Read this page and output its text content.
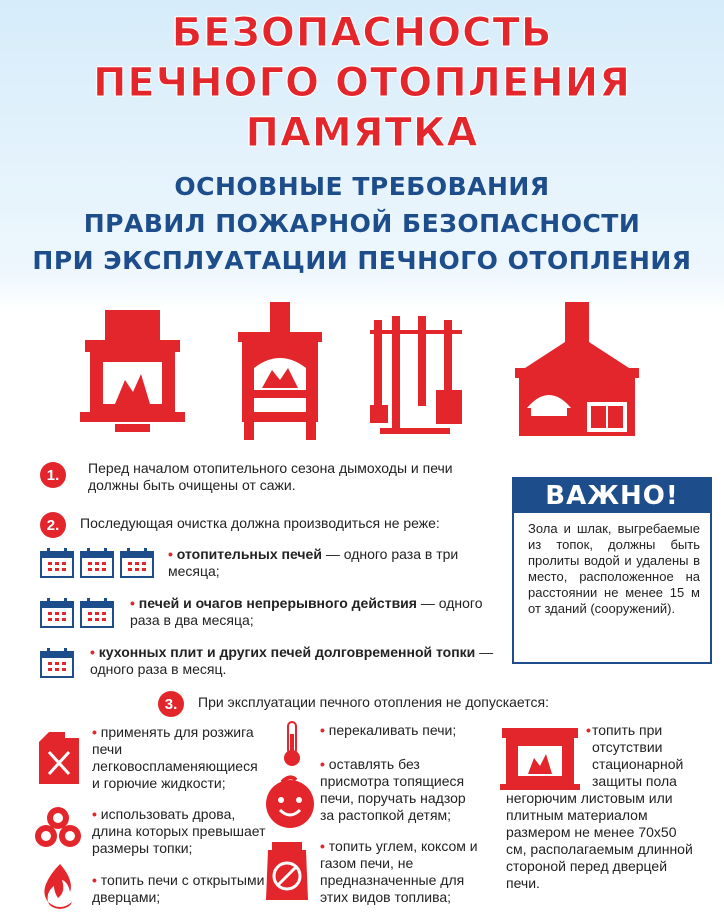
БЕЗОПАСНОСТЬ
ПЕЧНОГО ОТОПЛЕНИЯ
ПАМЯТКА
ОСНОВНЫЕ ТРЕБОВАНИЯ
ПРАВИЛ ПОЖАРНОЙ БЕЗОПАСНОСТИ
ПРИ ЭКСПЛУАТАЦИИ ПЕЧНОГО ОТОПЛЕНИЯ
1.	Перед началом отопительного сезона дымоходы и печи должны быть очищены от сажи.
2.	Последующая очистка должна производиться не реже:
• отопительных печей — одного раза в три месяца;
• печей и очагов непрерывного действия — одного раза в два месяца;
• кухонных плит и других печей долговременной топки — одного раза в месяц.
ВАЖНО!
Зола и шлак, выгребаемые из топок, должны быть пролиты водой и удалены в место, расположенное на расстоянии не менее 15 м от зданий (сооружений).
3.	При эксплуатации печного отопления не допускается:
• применять для розжига печи легковоспламеняющиеся и горючие жидкости;
• использовать дрова, длина которых превышает размеры топки;
• топить печи с открытыми дверцами;
• перекаливать печи;
• оставлять без присмотра топящиеся печи, поручать надзор за растопкой детям;
• топить углем, коксом и газом печи, не предназначенные для этих видов топлива;
• топить при отсутствии стационарной защиты пола негорючим листовым или плитным материалом размером не менее 70х50 см, располагаемым длинной стороной перед дверцей печи.
